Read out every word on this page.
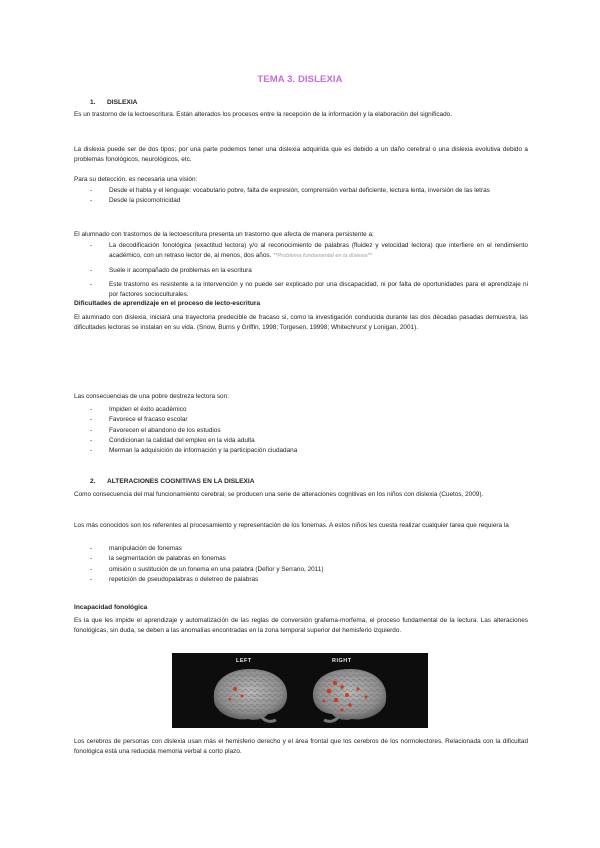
TEMA 3. DISLEXIA
1. DISLEXIA
Es un trastorno de la lectoescritura. Están alterados los procesos entre la recepción de la información y la elaboración del significado.
La dislexia puede ser de dos tipos; por una parte podemos tener una dislexia adquirida que es debido a un daño cerebral o una dislexia evolutiva debido a problemas fonológicos, neurológicos, etc.
Para su detección, es necesaria una visión:
- Desde el habla y el lenguaje: vocabulario pobre, falta de expresión, comprensión verbal deficiente, lectura lenta, inversión de las letras
- Desde la psicomotricidad
El alumnado con trastornos de la lectoescritura presenta un trastorno que afecta de manera persistente a;
- La decodificación fonológica (exactitud lectora) y/o al reconocimiento de palabras (fluidez y velocidad lectora) que interfiere en el rendimiento académico, con un retraso lector de, al menos, dos años. **Problema fundamental en la dislexia**
- Suele ir acompañado de problemas en la escritura
- Este trastorno es resistente a la intervención y no puede ser explicado por una discapacidad, ni por falta de oportunidades para el aprendizaje ni por factores socioculturales.
Dificultades de aprendizaje en el proceso de lecto-escritura
El alumnado con dislexia, iniciará una trayectoria predecible de fracaso si, como la investigación conducida durante las dos décadas pasadas demuestra, las dificultades lectoras se instalan en su vida. (Snow, Burns y Griffin, 1998; Torgesen, 19998; Whitechrurst y Lonigan, 2001).
Las consecuencias de una pobre destreza lectora son:
- Impiden el éxito académico
- Favorece el fracaso escolar
- Favorecen el abandono de los estudios
- Condicionan la calidad del empleo en la vida adulta
- Merman la adquisición de información y la participación ciudadana
2. ALTERACIONES COGNITIVAS EN LA DISLEXIA
Como consecuencia del mal funcionamiento cerebral, se producen una serie de alteraciones cognitivas en los niños con dislexia (Cuetos, 2009).
Los más conocidos son los referentes al procesamiento y representación de los fonemas. A estos niños les cuesta realizar cualquier tarea que requiera la
- manipulación de fonemas
- la segmentación de palabras en fonemas
- omisión o sustitución de un fonema en una palabra (Defior y Serrano, 2011)
- repetición de pseudopalabras o deletreo de palabras
Incapacidad fonológica
Es la que les impide el aprendizaje y automatización de las reglas de conversión grafema-morfema, el proceso fundamental de la lectura. Las alteraciones fonológicas, sin duda, se deben a las anomalías encontradas en la zona temporal superior del hemisferio izquierdo.
LEFT	RIGHT
Los cerebros de personas con dislexia usan más el hemisferio derecho y el área frontal que los cerebros de los normolectores. Relacionada con la dificultad fonológica está una reducida memoria verbal a corto plazo.
